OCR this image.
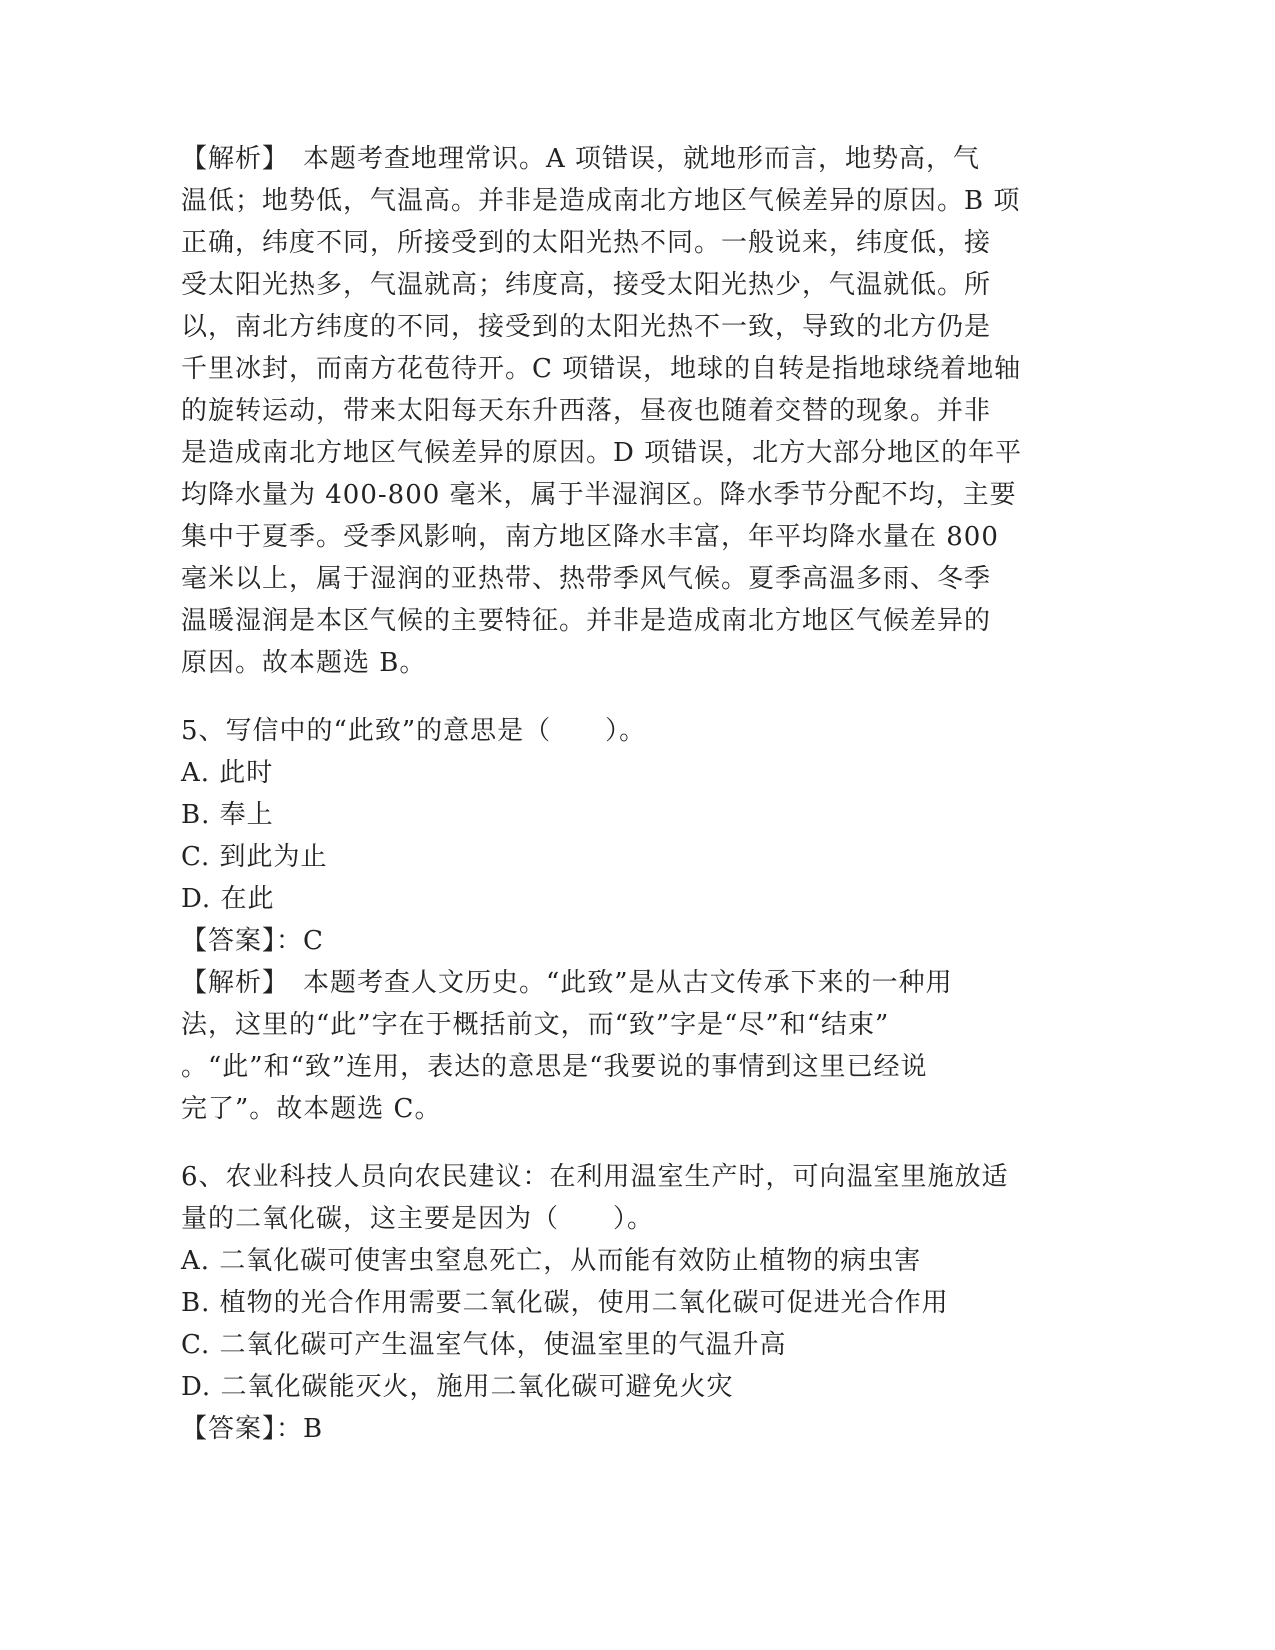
【解析】　本题考查地理常识。A 项错误，就地形而言，地势高，气
温低；地势低，气温高。并非是造成南北方地区气候差异的原因。B 项
正确，纬度不同，所接受到的太阳光热不同。一般说来，纬度低，接
受太阳光热多，气温就高；纬度高，接受太阳光热少，气温就低。所
以，南北方纬度的不同，接受到的太阳光热不一致，导致的北方仍是
千里冰封，而南方花苞待开。C 项错误，地球的自转是指地球绕着地轴
的旋转运动，带来太阳每天东升西落，昼夜也随着交替的现象。并非
是造成南北方地区气候差异的原因。D 项错误，北方大部分地区的年平
均降水量为 400-800 毫米，属于半湿润区。降水季节分配不均，主要
集中于夏季。受季风影响，南方地区降水丰富，年平均降水量在 800
毫米以上，属于湿润的亚热带、热带季风气候。夏季高温多雨、冬季
温暖湿润是本区气候的主要特征。并非是造成南北方地区气候差异的
原因。故本题选 B。
5、写信中的“此致”的意思是（　　）。
A. 此时
B. 奉上
C. 到此为止
D. 在此
【答案】：C
【解析】　本题考查人文历史。“此致”是从古文传承下来的一种用
法，这里的“此”字在于概括前文，而“致”字是“尽”和“结束”
。“此”和“致”连用，表达的意思是“我要说的事情到这里已经说
完了”。故本题选 C。
6、农业科技人员向农民建议：在利用温室生产时，可向温室里施放适
量的二氧化碳，这主要是因为（　　）。
A. 二氧化碳可使害虫窒息死亡，从而能有效防止植物的病虫害
B. 植物的光合作用需要二氧化碳，使用二氧化碳可促进光合作用
C. 二氧化碳可产生温室气体，使温室里的气温升高
D. 二氧化碳能灭火，施用二氧化碳可避免火灾
【答案】：B
